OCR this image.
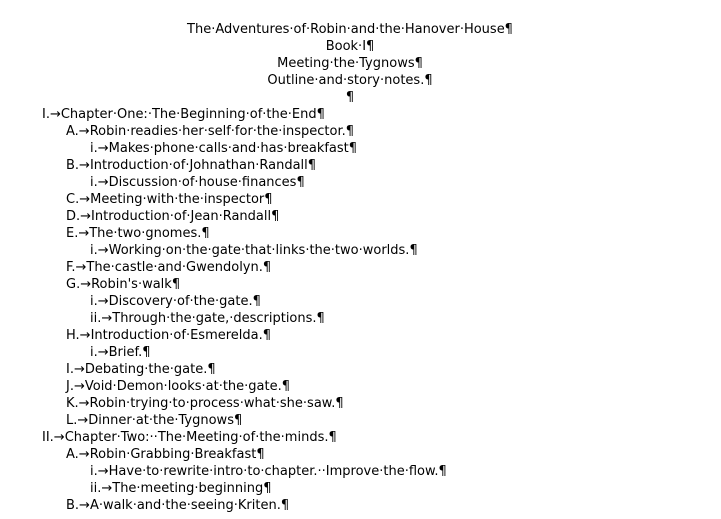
The·Adventures·of·Robin·and·the·Hanover·House¶
Book·I¶
Meeting·the·Tygnows¶
Outline·and·story·notes.¶
¶
I.→Chapter·One:·The·Beginning·of·the·End¶
A.→Robin·readies·her·self·for·the·inspector.¶
i.→Makes·phone·calls·and·has·breakfast¶
B.→Introduction·of·Johnathan·Randall¶
i.→Discussion·of·house·finances¶
C.→Meeting·with·the·inspector¶
D.→Introduction·of·Jean·Randall¶
E.→The·two·gnomes.¶
i.→Working·on·the·gate·that·links·the·two·worlds.¶
F.→The·castle·and·Gwendolyn.¶
G.→Robin's·walk¶
i.→Discovery·of·the·gate.¶
ii.→Through·the·gate,·descriptions.¶
H.→Introduction·of·Esmerelda.¶
i.→Brief.¶
I.→Debating·the·gate.¶
J.→Void·Demon·looks·at·the·gate.¶
K.→Robin·trying·to·process·what·she·saw.¶
L.→Dinner·at·the·Tygnows¶
II.→Chapter·Two:··The·Meeting·of·the·minds.¶
A.→Robin·Grabbing·Breakfast¶
i.→Have·to·rewrite·intro·to·chapter.··Improve·the·flow.¶
ii.→The·meeting·beginning¶
B.→A·walk·and·the·seeing·Kriten.¶
